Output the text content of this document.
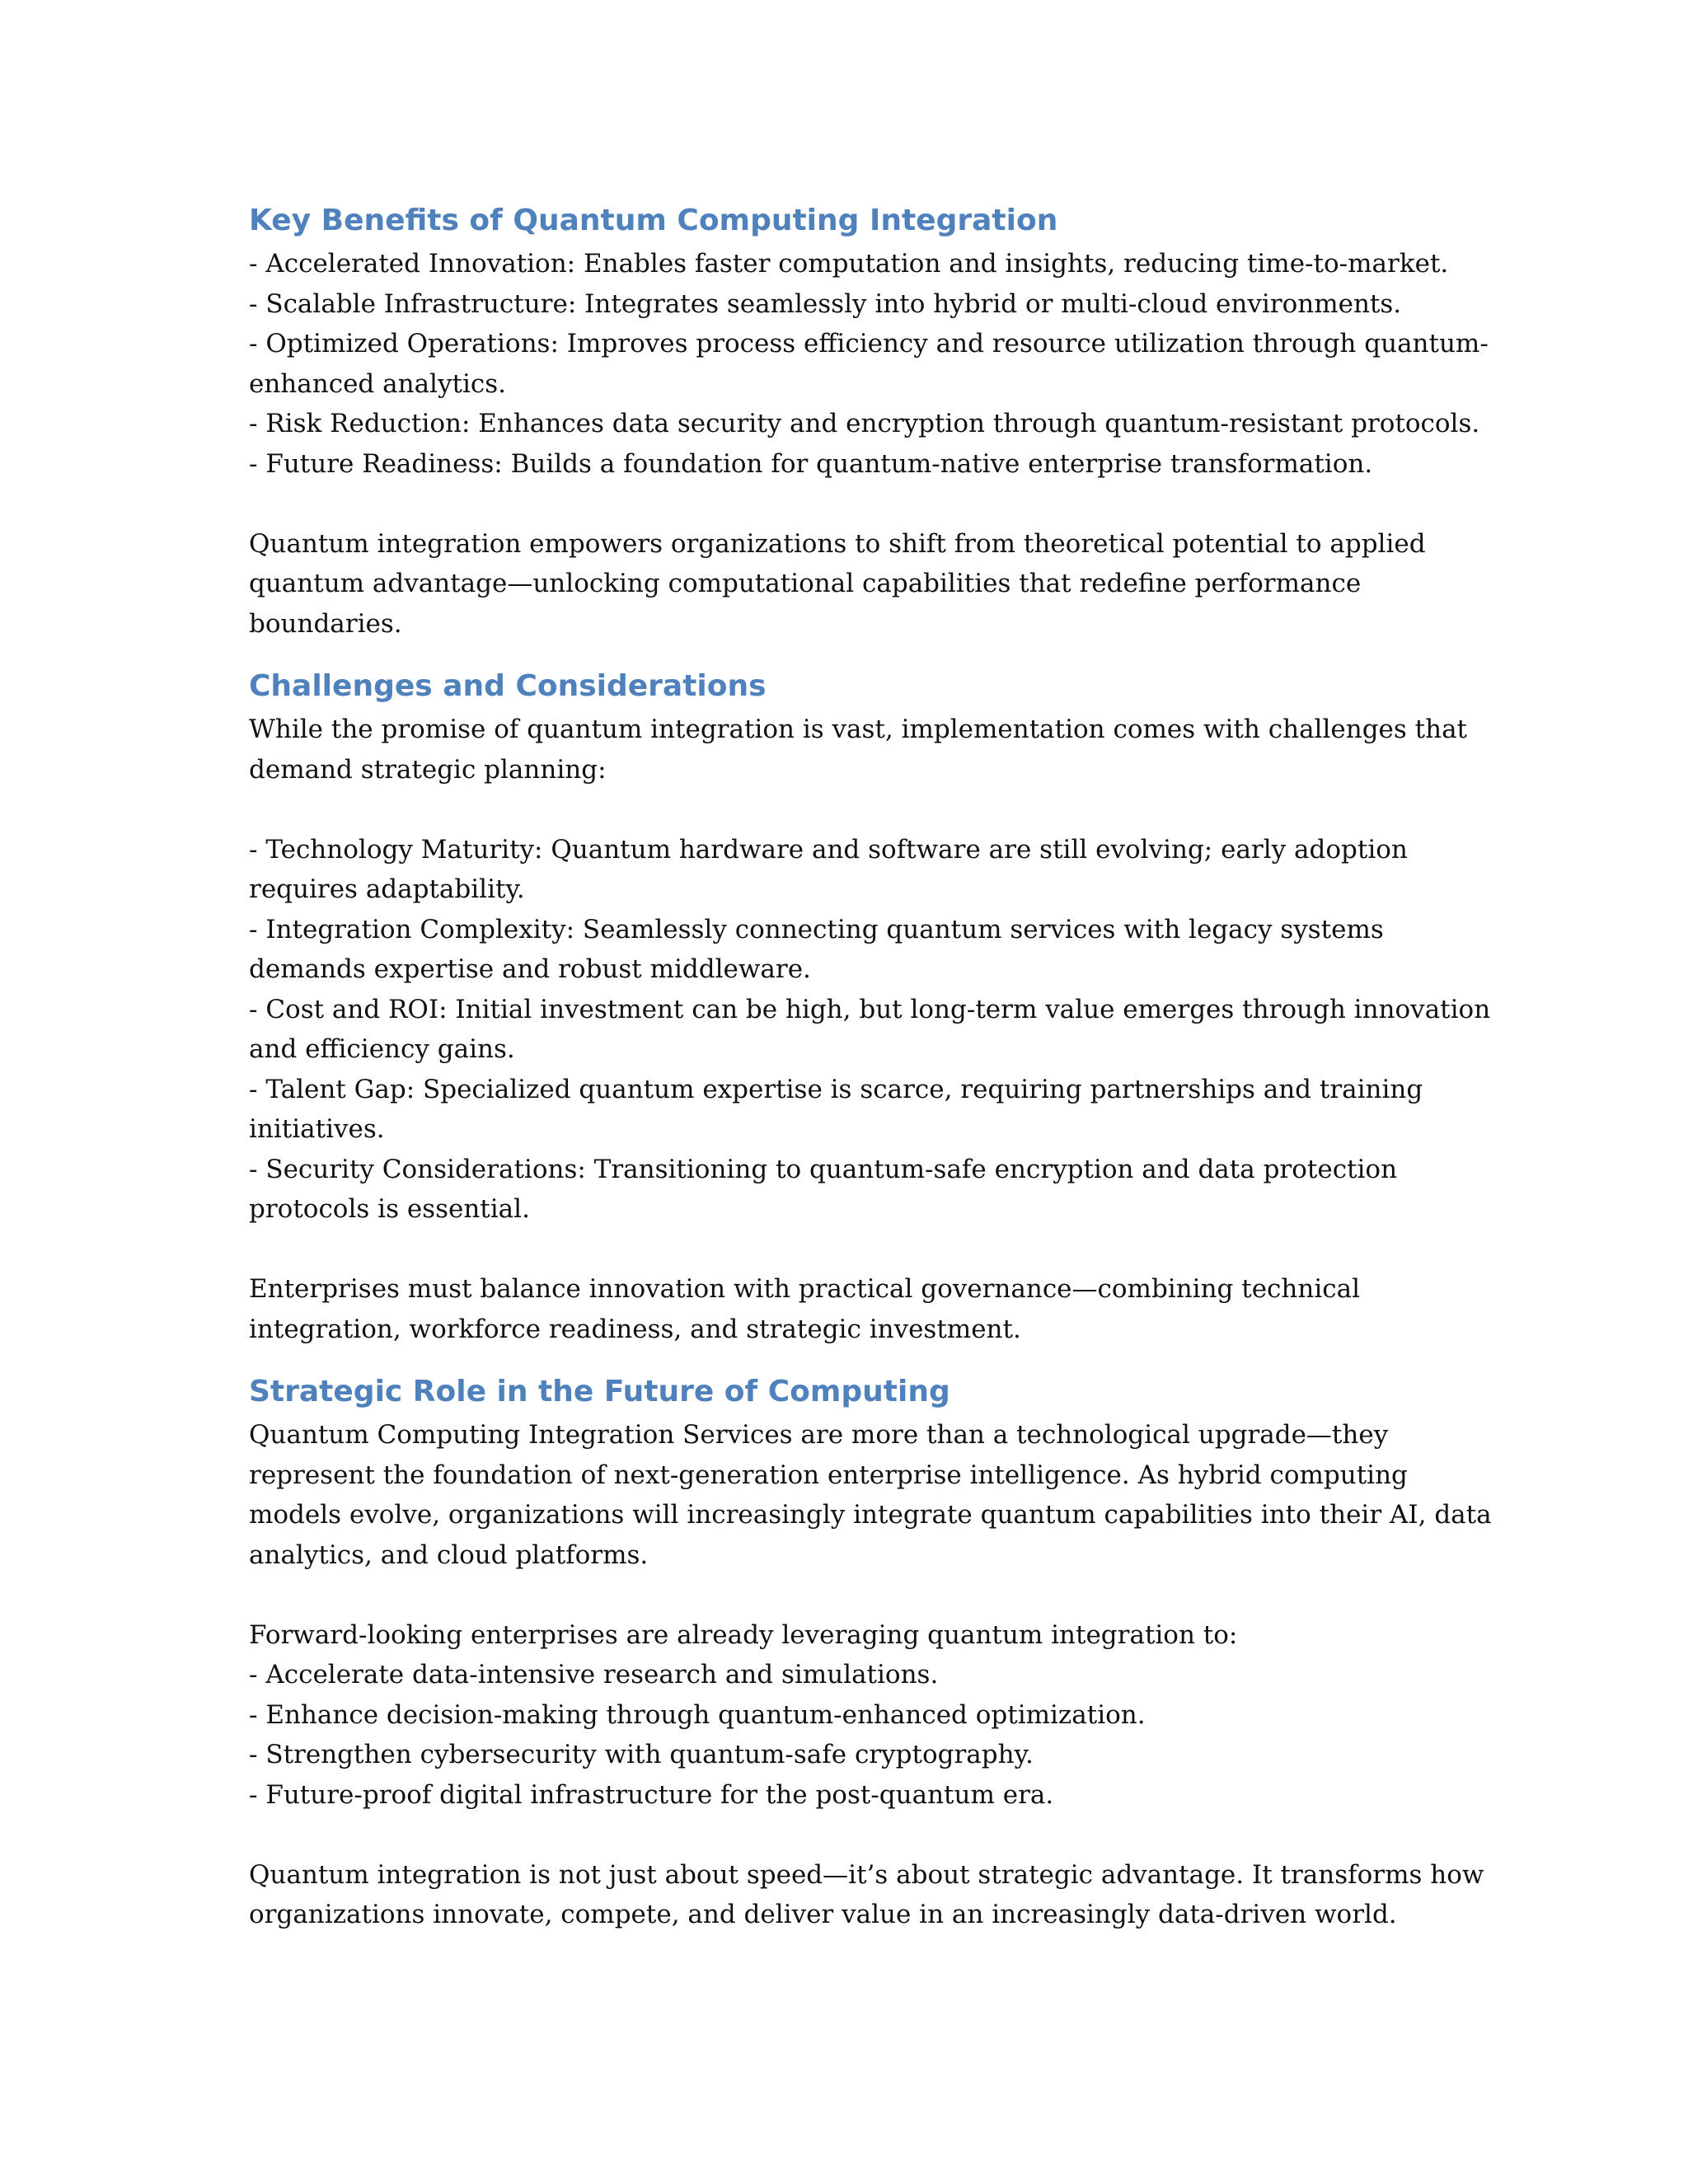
Key Benefits of Quantum Computing Integration
- Accelerated Innovation: Enables faster computation and insights, reducing time-to-market.
- Scalable Infrastructure: Integrates seamlessly into hybrid or multi-cloud environments.
- Optimized Operations: Improves process efficiency and resource utilization through quantum-
enhanced analytics.
- Risk Reduction: Enhances data security and encryption through quantum-resistant protocols.
- Future Readiness: Builds a foundation for quantum-native enterprise transformation.
Quantum integration empowers organizations to shift from theoretical potential to applied
quantum advantage—unlocking computational capabilities that redefine performance
boundaries.
Challenges and Considerations
While the promise of quantum integration is vast, implementation comes with challenges that
demand strategic planning:
- Technology Maturity: Quantum hardware and software are still evolving; early adoption
requires adaptability.
- Integration Complexity: Seamlessly connecting quantum services with legacy systems
demands expertise and robust middleware.
- Cost and ROI: Initial investment can be high, but long-term value emerges through innovation
and efficiency gains.
- Talent Gap: Specialized quantum expertise is scarce, requiring partnerships and training
initiatives.
- Security Considerations: Transitioning to quantum-safe encryption and data protection
protocols is essential.
Enterprises must balance innovation with practical governance—combining technical
integration, workforce readiness, and strategic investment.
Strategic Role in the Future of Computing
Quantum Computing Integration Services are more than a technological upgrade—they
represent the foundation of next-generation enterprise intelligence. As hybrid computing
models evolve, organizations will increasingly integrate quantum capabilities into their AI, data
analytics, and cloud platforms.
Forward-looking enterprises are already leveraging quantum integration to:
- Accelerate data-intensive research and simulations.
- Enhance decision-making through quantum-enhanced optimization.
- Strengthen cybersecurity with quantum-safe cryptography.
- Future-proof digital infrastructure for the post-quantum era.
Quantum integration is not just about speed—it’s about strategic advantage. It transforms how
organizations innovate, compete, and deliver value in an increasingly data-driven world.
